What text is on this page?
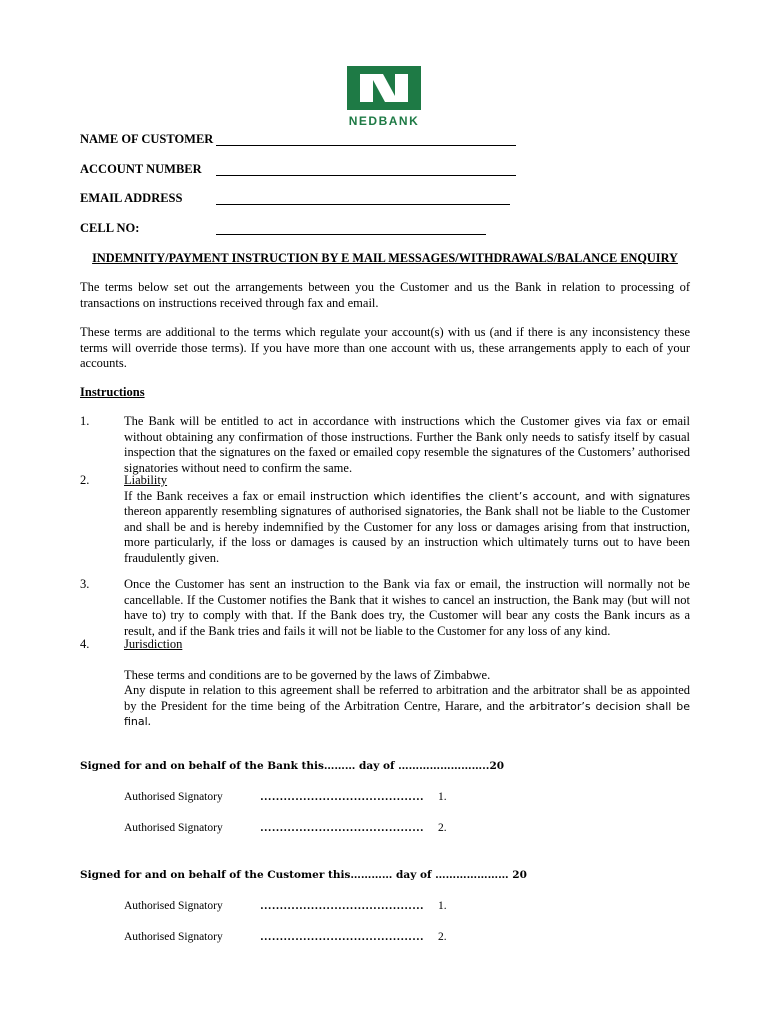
NEDBANK
NAME OF CUSTOMER
ACCOUNT NUMBER
EMAIL ADDRESS
CELL NO:
INDEMNITY/PAYMENT INSTRUCTION BY E MAIL MESSAGES/WITHDRAWALS/BALANCE ENQUIRY

The terms below set out the arrangements between you the Customer and us the Bank in relation to processing of transactions on instructions received through fax and email.

These terms are additional to the terms which regulate your account(s) with us (and if there is any inconsistency these terms will override those terms). If you have more than one account with us, these arrangements apply to each of your accounts.

Instructions
1.	The Bank will be entitled to act in accordance with instructions which the Customer gives via fax or email without obtaining any confirmation of those instructions. Further the Bank only needs to satisfy itself by casual inspection that the signatures on the faxed or emailed copy resemble the signatures of the Customers’ authorised signatories without need to confirm the same.
2.	Liability
If the Bank receives a fax or email instruction which identifies the client’s account, and with signatures thereon apparently resembling signatures of authorised signatories, the Bank shall not be liable to the Customer and shall be and is hereby indemnified by the Customer for any loss or damages arising from that instruction, more particularly, if the loss or damages is caused by an instruction which ultimately turns out to have been fraudulently given.
3.	Once the Customer has sent an instruction to the Bank via fax or email, the instruction will normally not be cancellable. If the Customer notifies the Bank that it wishes to cancel an instruction, the Bank may (but will not have to) try to comply with that. If the Bank does try, the Customer will bear any costs the Bank incurs as a result, and if the Bank tries and fails it will not be liable to the Customer for any loss of any kind.
4.	Jurisdiction
These terms and conditions are to be governed by the laws of Zimbabwe.
Any dispute in relation to this agreement shall be referred to arbitration and the arbitrator shall be as appointed by the President for the time being of the Arbitration Centre, Harare, and the arbitrator’s decision shall be final.
Signed for and on behalf of the Bank this……… day of ……………………..20
Authorised Signatory	…………………………………… 1.
Authorised Signatory	…………………………………… 2.
Signed for and on behalf of the Customer this………… day of ………………… 20
Authorised Signatory	…………………………………… 1.
Authorised Signatory	…………………………………… 2.
